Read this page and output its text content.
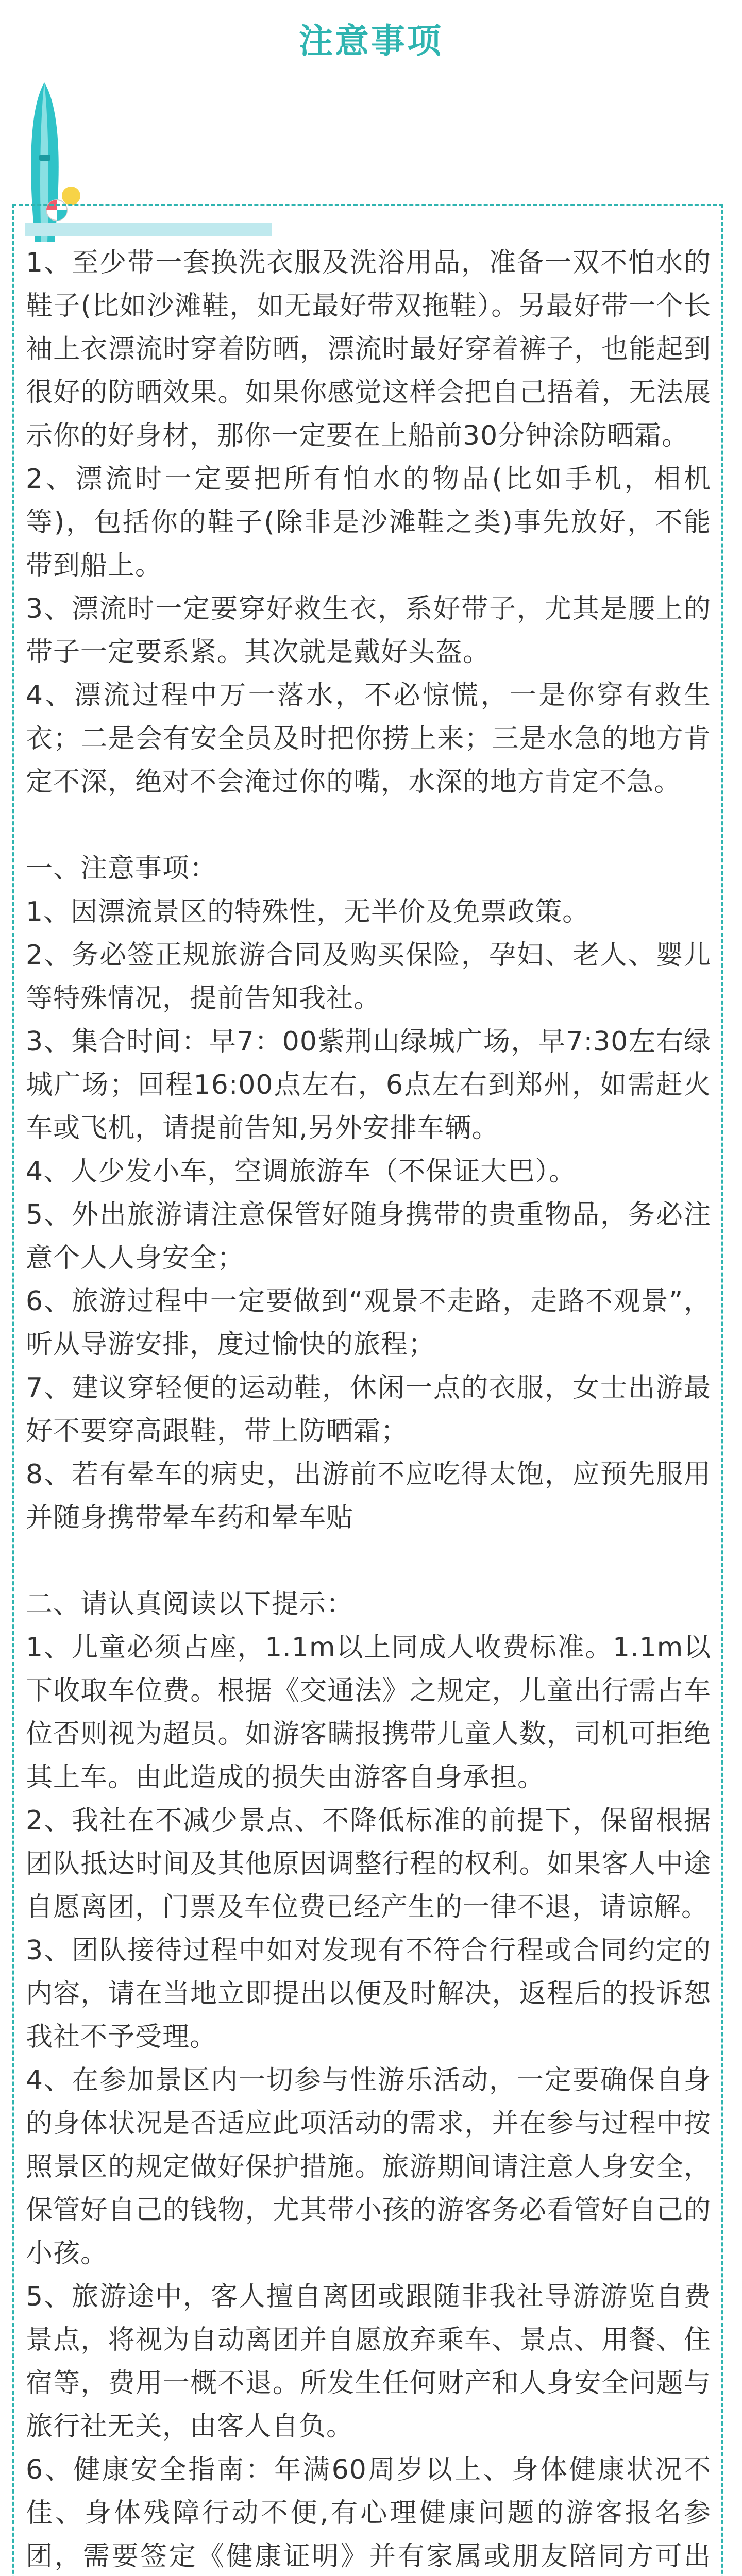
注意事项

1、至少带一套换洗衣服及洗浴用品，准备一双不怕水的鞋子(比如沙滩鞋，如无最好带双拖鞋）。另最好带一个长袖上衣漂流时穿着防晒，漂流时最好穿着裤子，也能起到很好的防晒效果。如果你感觉这样会把自己捂着，无法展示你的好身材，那你一定要在上船前30分钟涂防晒霜。

2、漂流时一定要把所有怕水的物品(比如手机，相机等)，包括你的鞋子(除非是沙滩鞋之类)事先放好，不能带到船上。

3、漂流时一定要穿好救生衣，系好带子，尤其是腰上的带子一定要系紧。其次就是戴好头盔。

4、漂流过程中万一落水，不必惊慌，一是你穿有救生衣；二是会有安全员及时把你捞上来；三是水急的地方肯定不深，绝对不会淹过你的嘴，水深的地方肯定不急。

一、注意事项：

1、因漂流景区的特殊性，无半价及免票政策。

2、务必签正规旅游合同及购买保险，孕妇、老人、婴儿等特殊情况，提前告知我社。

3、集合时间：早7：00紫荆山绿城广场，早7:30左右绿城广场；回程16:00点左右，6点左右到郑州，如需赶火车或飞机，请提前告知,另外安排车辆。

4、人少发小车，空调旅游车（不保证大巴）。

5、外出旅游请注意保管好随身携带的贵重物品，务必注意个人人身安全；

6、旅游过程中一定要做到“观景不走路，走路不观景”，听从导游安排，度过愉快的旅程；

7、建议穿轻便的运动鞋，休闲一点的衣服，女士出游最好不要穿高跟鞋，带上防晒霜；

8、若有晕车的病史，出游前不应吃得太饱，应预先服用并随身携带晕车药和晕车贴

二、请认真阅读以下提示：

1、儿童必须占座，1.1m以上同成人收费标准。1.1m以下收取车位费。根据《交通法》之规定，儿童出行需占车位否则视为超员。如游客瞒报携带儿童人数，司机可拒绝其上车。由此造成的损失由游客自身承担。

2、我社在不减少景点、不降低标准的前提下，保留根据团队抵达时间及其他原因调整行程的权利。如果客人中途自愿离团，门票及车位费已经产生的一律不退，请谅解。

3、团队接待过程中如对发现有不符合行程或合同约定的内容，请在当地立即提出以便及时解决，返程后的投诉恕我社不予受理。

4、在参加景区内一切参与性游乐活动，一定要确保自身的身体状况是否适应此项活动的需求，并在参与过程中按照景区的规定做好保护措施。旅游期间请注意人身安全，保管好自己的钱物，尤其带小孩的游客务必看管好自己的小孩。

5、旅游途中，客人擅自离团或跟随非我社导游游览自费景点，将视为自动离团并自愿放弃乘车、景点、用餐、住宿等，费用一概不退。所发生任何财产和人身安全问题与旅行社无关，由客人自负。

6、健康安全指南：年满60周岁以上、身体健康状况不佳、身体残障行动不便,有心理健康问题的游客报名参团，需要签定《健康证明》并有家属或朋友陪同方可出
